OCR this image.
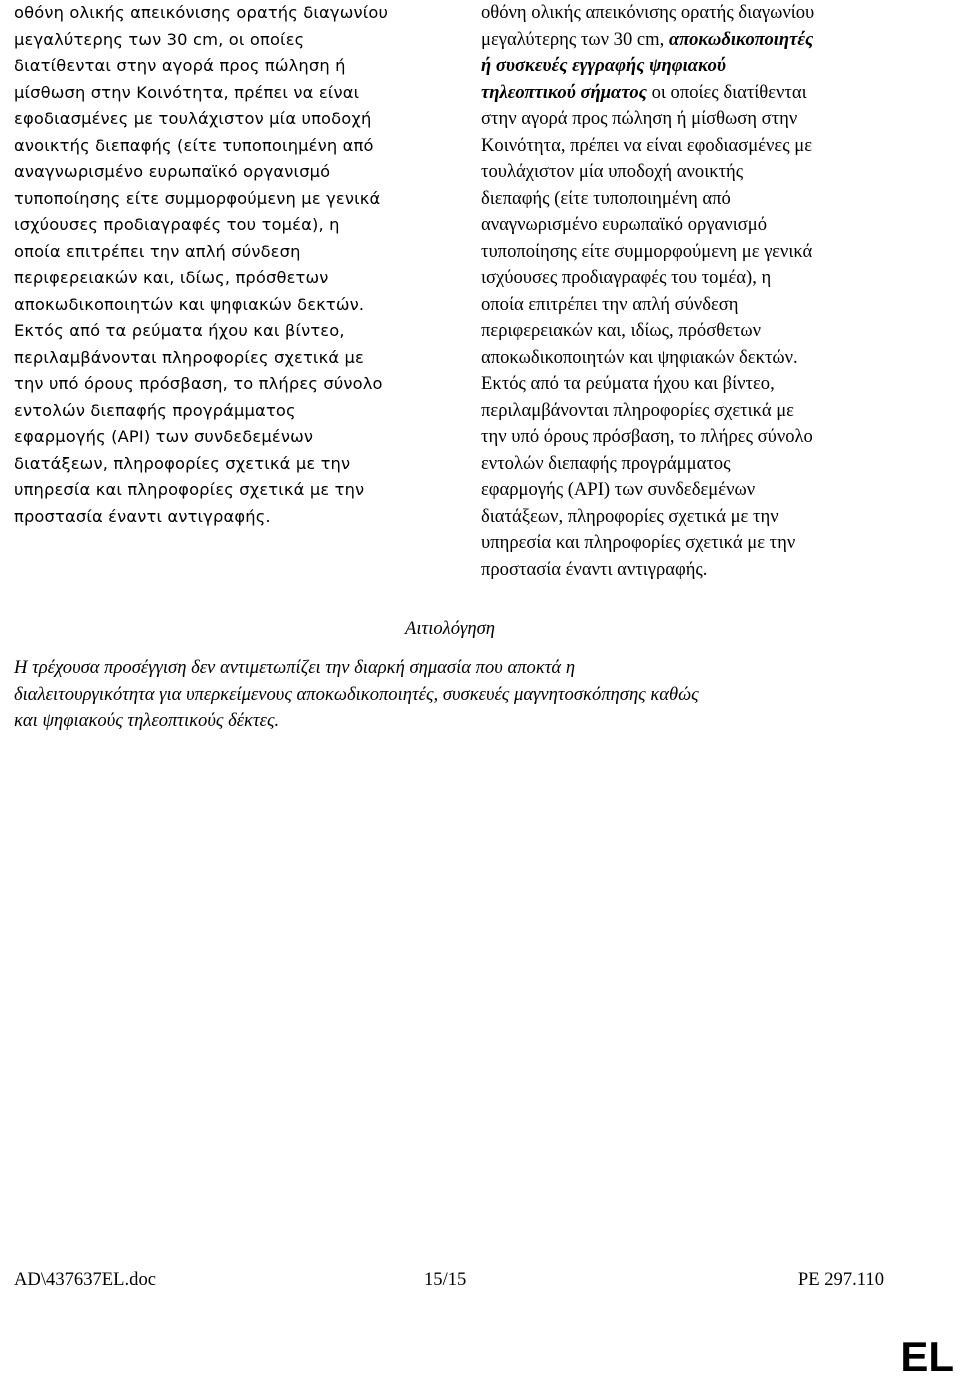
οθόνη ολικής απεικόνισης ορατής διαγωνίου
μεγαλύτερης των 30 cm, οι οποίες
διατίθενται στην αγορά προς πώληση ή
μίσθωση στην Κοινότητα, πρέπει να είναι
εφοδιασμένες με τουλάχιστον μία υποδοχή
ανοικτής διεπαφής (είτε τυποποιημένη από
αναγνωρισμένο ευρωπαϊκό οργανισμό
τυποποίησης είτε συμμορφούμενη με γενικά
ισχύουσες προδιαγραφές του τομέα), η
οποία επιτρέπει την απλή σύνδεση
περιφερειακών και, ιδίως, πρόσθετων
αποκωδικοποιητών και ψηφιακών δεκτών.
Εκτός από τα ρεύματα ήχου και βίντεο,
περιλαμβάνονται πληροφορίες σχετικά με
την υπό όρους πρόσβαση, το πλήρες σύνολο
εντολών διεπαφής προγράμματος
εφαρμογής (API) των συνδεδεμένων
διατάξεων, πληροφορίες σχετικά με την
υπηρεσία και πληροφορίες σχετικά με την
προστασία έναντι αντιγραφής.
οθόνη ολικής απεικόνισης ορατής διαγωνίου
μεγαλύτερης των 30 cm, αποκωδικοποιητές
ή συσκευές εγγραφής ψηφιακού
τηλεοπτικού σήματος οι οποίες διατίθενται
στην αγορά προς πώληση ή μίσθωση στην
Κοινότητα, πρέπει να είναι εφοδιασμένες με
τουλάχιστον μία υποδοχή ανοικτής
διεπαφής (είτε τυποποιημένη από
αναγνωρισμένο ευρωπαϊκό οργανισμό
τυποποίησης είτε συμμορφούμενη με γενικά
ισχύουσες προδιαγραφές του τομέα), η
οποία επιτρέπει την απλή σύνδεση
περιφερειακών και, ιδίως, πρόσθετων
αποκωδικοποιητών και ψηφιακών δεκτών.
Εκτός από τα ρεύματα ήχου και βίντεο,
περιλαμβάνονται πληροφορίες σχετικά με
την υπό όρους πρόσβαση, το πλήρες σύνολο
εντολών διεπαφής προγράμματος
εφαρμογής (API) των συνδεδεμένων
διατάξεων, πληροφορίες σχετικά με την
υπηρεσία και πληροφορίες σχετικά με την
προστασία έναντι αντιγραφής.
Αιτιολόγηση
Η τρέχουσα προσέγγιση δεν αντιμετωπίζει την διαρκή σημασία που αποκτά η
διαλειτουργικότητα για υπερκείμενους αποκωδικοποιητές, συσκευές μαγνητοσκόπησης καθώς
και ψηφιακούς τηλεοπτικούς δέκτες.
AD\437637EL.doc	15/15	PE 297.110
EL
